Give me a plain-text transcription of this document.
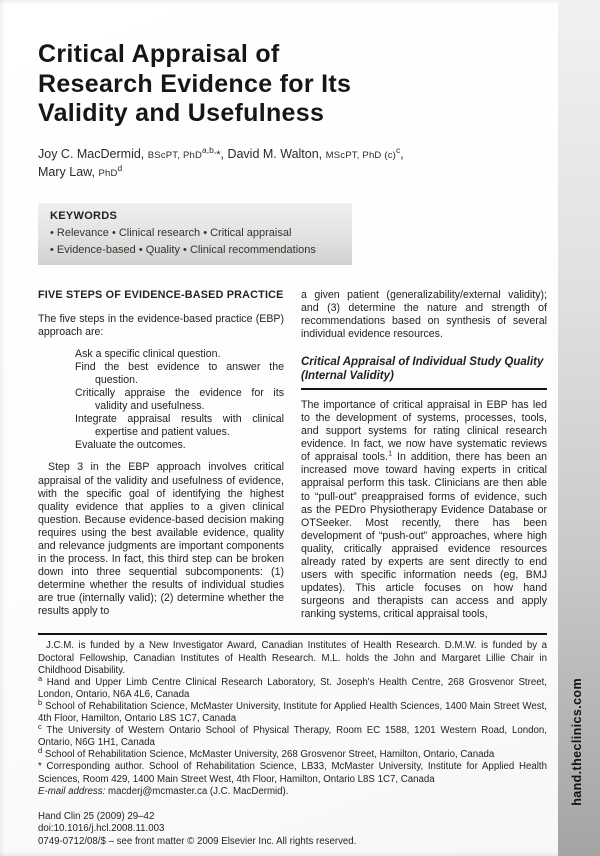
Critical Appraisal of
Research Evidence for Its
Validity and Usefulness
Joy C. MacDermid, BScPT, PhD$^{a,b,}$*, David M. Walton, MScPT, PhD $(c)^c$,
Mary Law, PhD$^d$
KEYWORDS
• Relevance • Clinical research • Critical appraisal
• Evidence-based • Quality • Clinical recommendations
FIVE STEPS OF EVIDENCE-BASED PRACTICE

The five steps in the evidence-based practice (EBP) approach are:

Ask a specific clinical question.
Find the best evidence to answer the question.
Critically appraise the evidence for its validity and usefulness.
Integrate appraisal results with clinical expertise and patient values.
Evaluate the outcomes.

Step 3 in the EBP approach involves critical appraisal of the validity and usefulness of evidence, with the specific goal of identifying the highest quality evidence that applies to a given clinical question. Because evidence-based decision making requires using the best available evidence, quality and relevance judgments are important components in the process. In fact, this third step can be broken down into three sequential subcomponents: (1) determine whether the results of individual studies are true (internally valid); (2) determine whether the results apply to

a given patient (generalizability/external validity); and (3) determine the nature and strength of recommendations based on synthesis of several individual evidence resources.

Critical Appraisal of Individual Study Quality (Internal Validity)

The importance of critical appraisal in EBP has led to the development of systems, processes, tools, and support systems for rating clinical research evidence. In fact, we now have systematic reviews of appraisal tools.$^1$ In addition, there has been an increased move toward having experts in critical appraisal perform this task. Clinicians are then able to “pull-out” preappraised forms of evidence, such as the PEDro Physiotherapy Evidence Database or OTSeeker. Most recently, there has been development of “push-out” approaches, where high quality, critically appraised evidence resources already rated by experts are sent directly to end users with specific information needs (eg, BMJ updates). This article focuses on how hand surgeons and therapists can access and apply ranking systems, critical appraisal tools,

J.C.M. is funded by a New Investigator Award, Canadian Institutes of Health Research. D.M.W. is funded by a Doctoral Fellowship, Canadian Institutes of Health Research. M.L. holds the John and Margaret Lillie Chair in Childhood Disability.

$^a$ Hand and Upper Limb Centre Clinical Research Laboratory, St. Joseph's Health Centre, 268 Grosvenor Street, London, Ontario, N6A 4L6, Canada

$^b$ School of Rehabilitation Science, McMaster University, Institute for Applied Health Sciences, 1400 Main Street West, 4th Floor, Hamilton, Ontario L8S 1C7, Canada

$^c$ The University of Western Ontario School of Physical Therapy, Room EC 1588, 1201 Western Road, London, Ontario, N6G 1H1, Canada

$^d$ School of Rehabilitation Science, McMaster University, 268 Grosvenor Street, Hamilton, Ontario, Canada

* Corresponding author. School of Rehabilitation Science, LB33, McMaster University, Institute for Applied Health Sciences, Room 429, 1400 Main Street West, 4th Floor, Hamilton, Ontario L8S 1C7, Canada

E-mail address: macderj@mcmaster.ca (J.C. MacDermid).

Hand Clin 25 (2009) 29–42
doi:10.1016/j.hcl.2008.11.003
0749-0712/08/$ – see front matter © 2009 Elsevier Inc. All rights reserved.
hand.theclinics.com
